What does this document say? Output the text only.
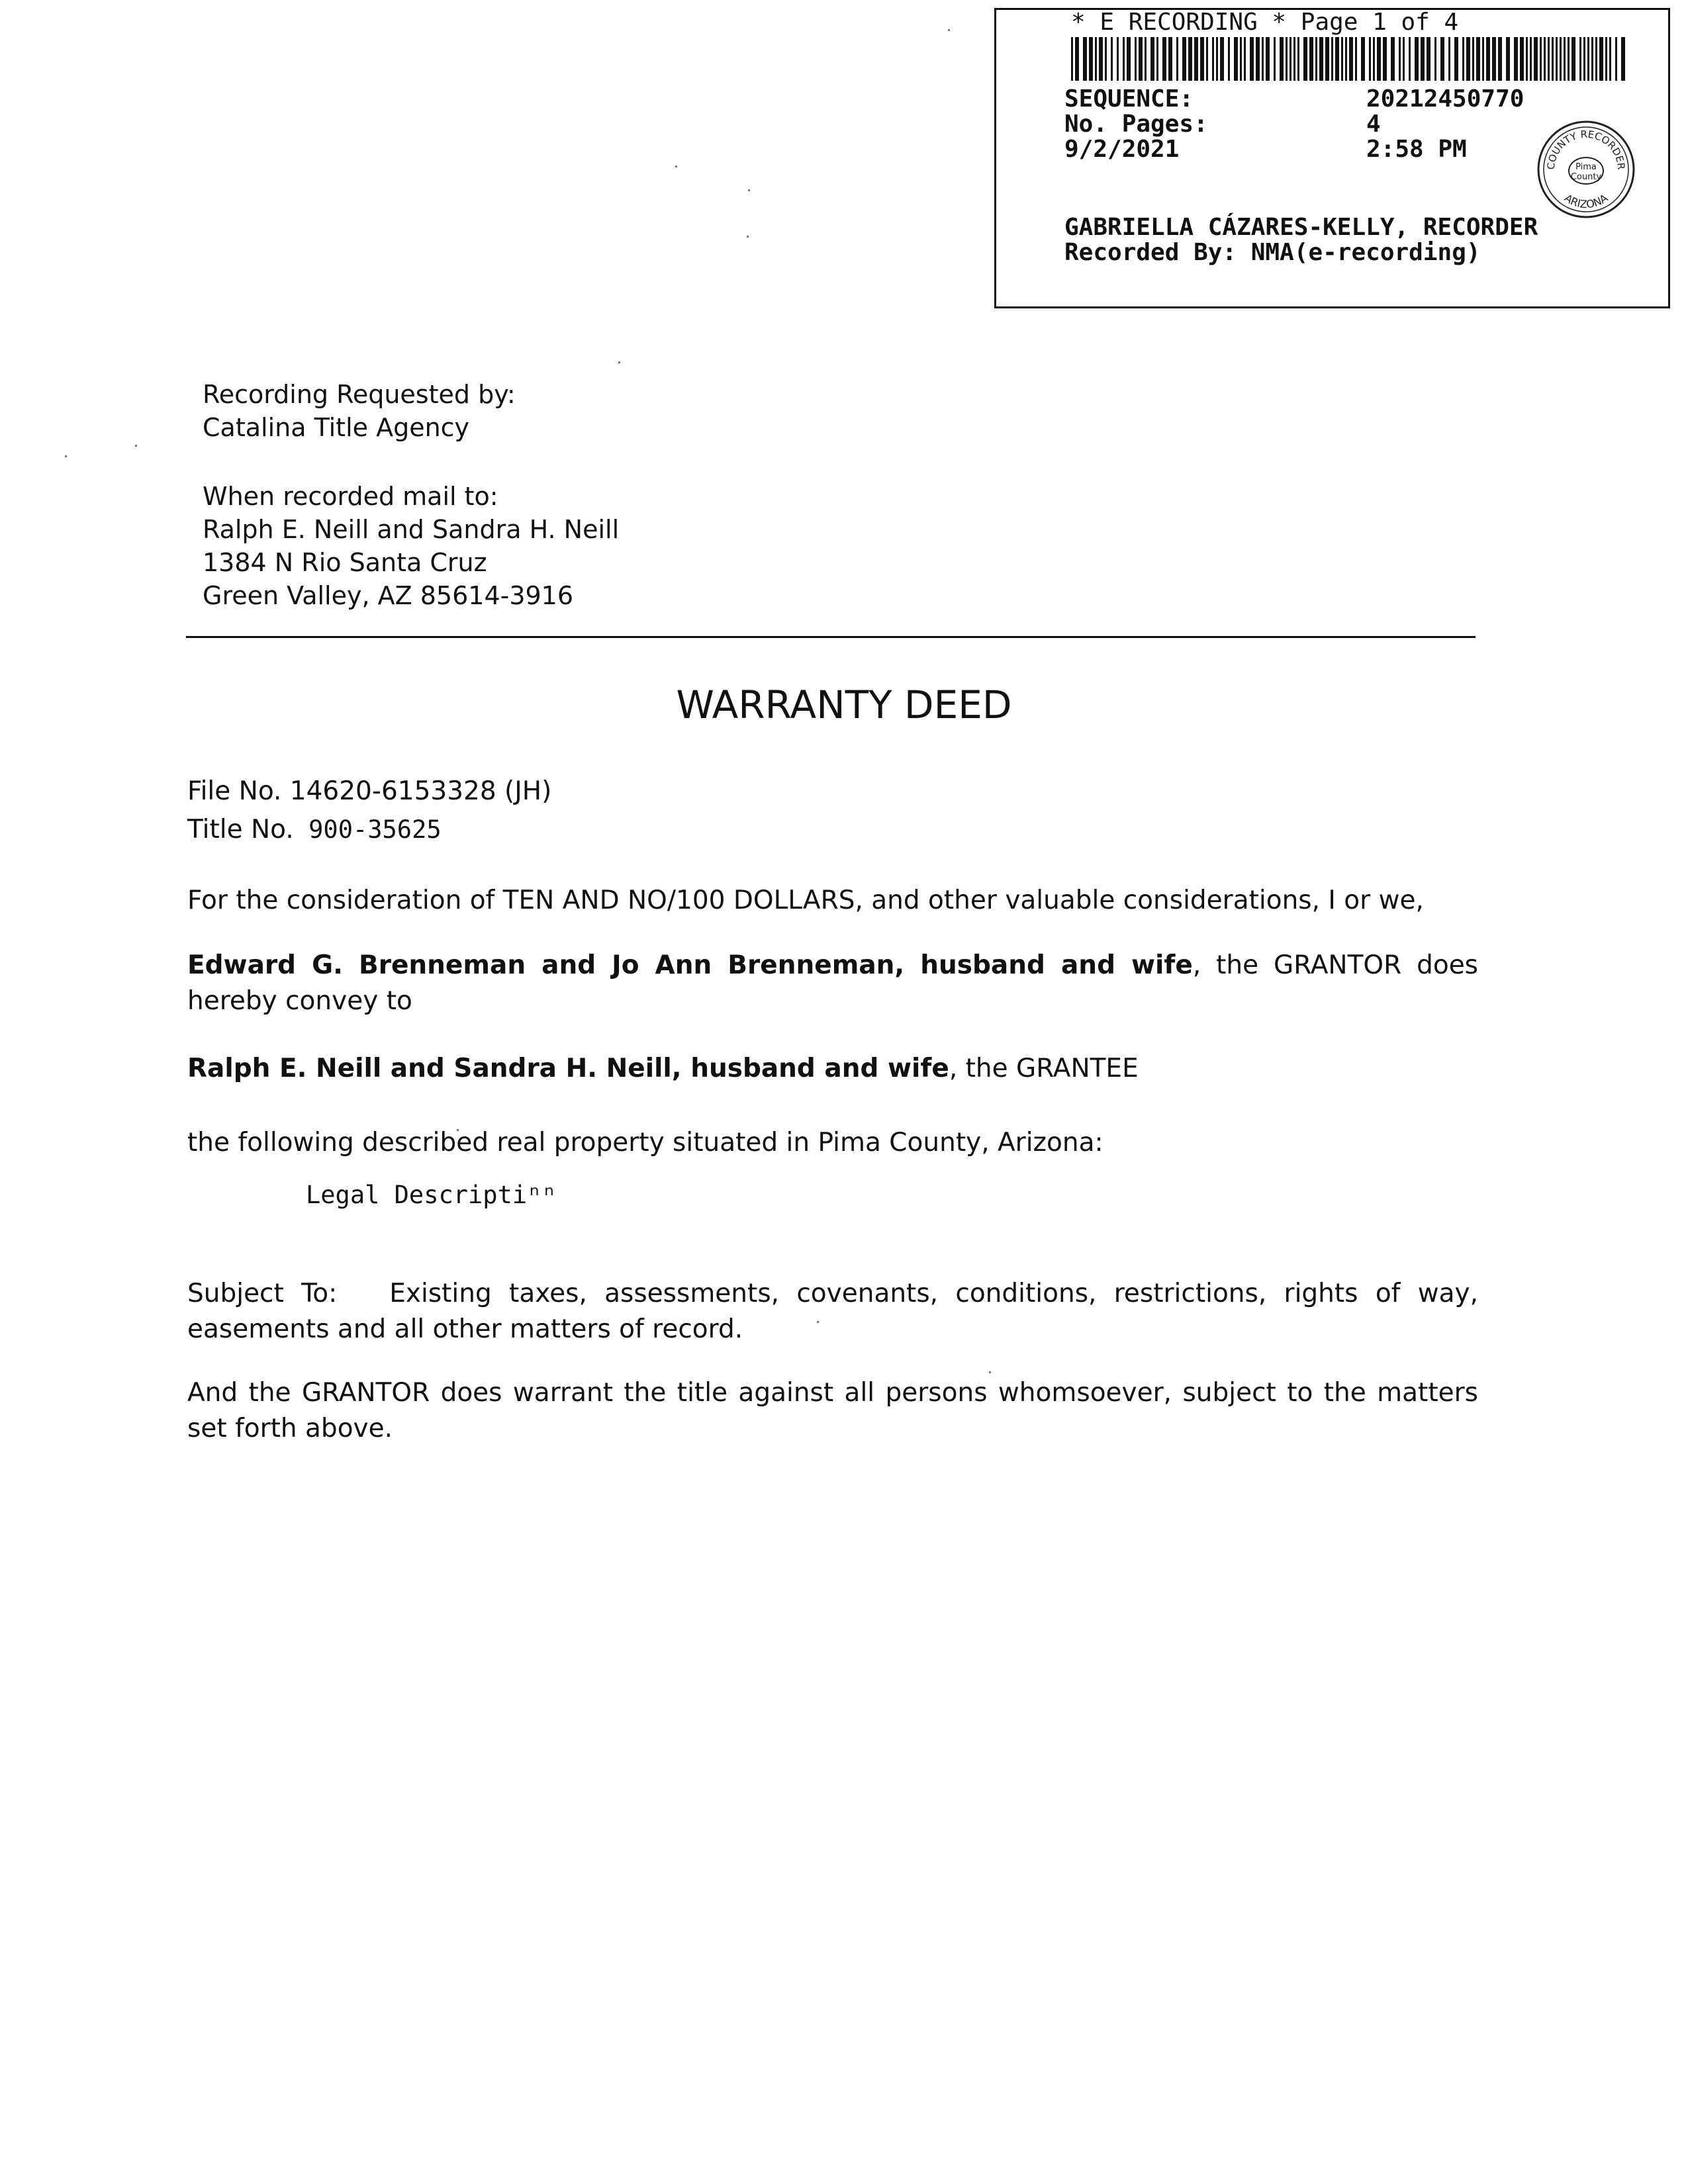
* E RECORDING * Page 1 of 4
SEQUENCE:	20212450770
No. Pages:	4
9/2/2021	2:58 PM
COUNTY RECORDER
ARIZONA
Pima
County
GABRIELLA CÁZARES-KELLY, RECORDER
Recorded By: NMA(e-recording)
Recording Requested by:
Catalina Title Agency
When recorded mail to:
Ralph E. Neill and Sandra H. Neill
1384 N Rio Santa Cruz
Green Valley, AZ 85614-3916
WARRANTY DEED
File No. 14620-6153328 (JH)
Title No. 900-35625
For the consideration of TEN AND NO/100 DOLLARS, and other valuable considerations, I or we,
Edward G. Brenneman and Jo Ann Brenneman, husband and wife, the GRANTOR does hereby convey to
Ralph E. Neill and Sandra H. Neill, husband and wife, the GRANTEE
the following described real property situated in Pima County, Arizona:
Legal Descriptiⁿⁿ
Subject To: Existing taxes, assessments, covenants, conditions, restrictions, rights of way, easements and all other matters of record.
And the GRANTOR does warrant the title against all persons whomsoever, subject to the matters set forth above.
